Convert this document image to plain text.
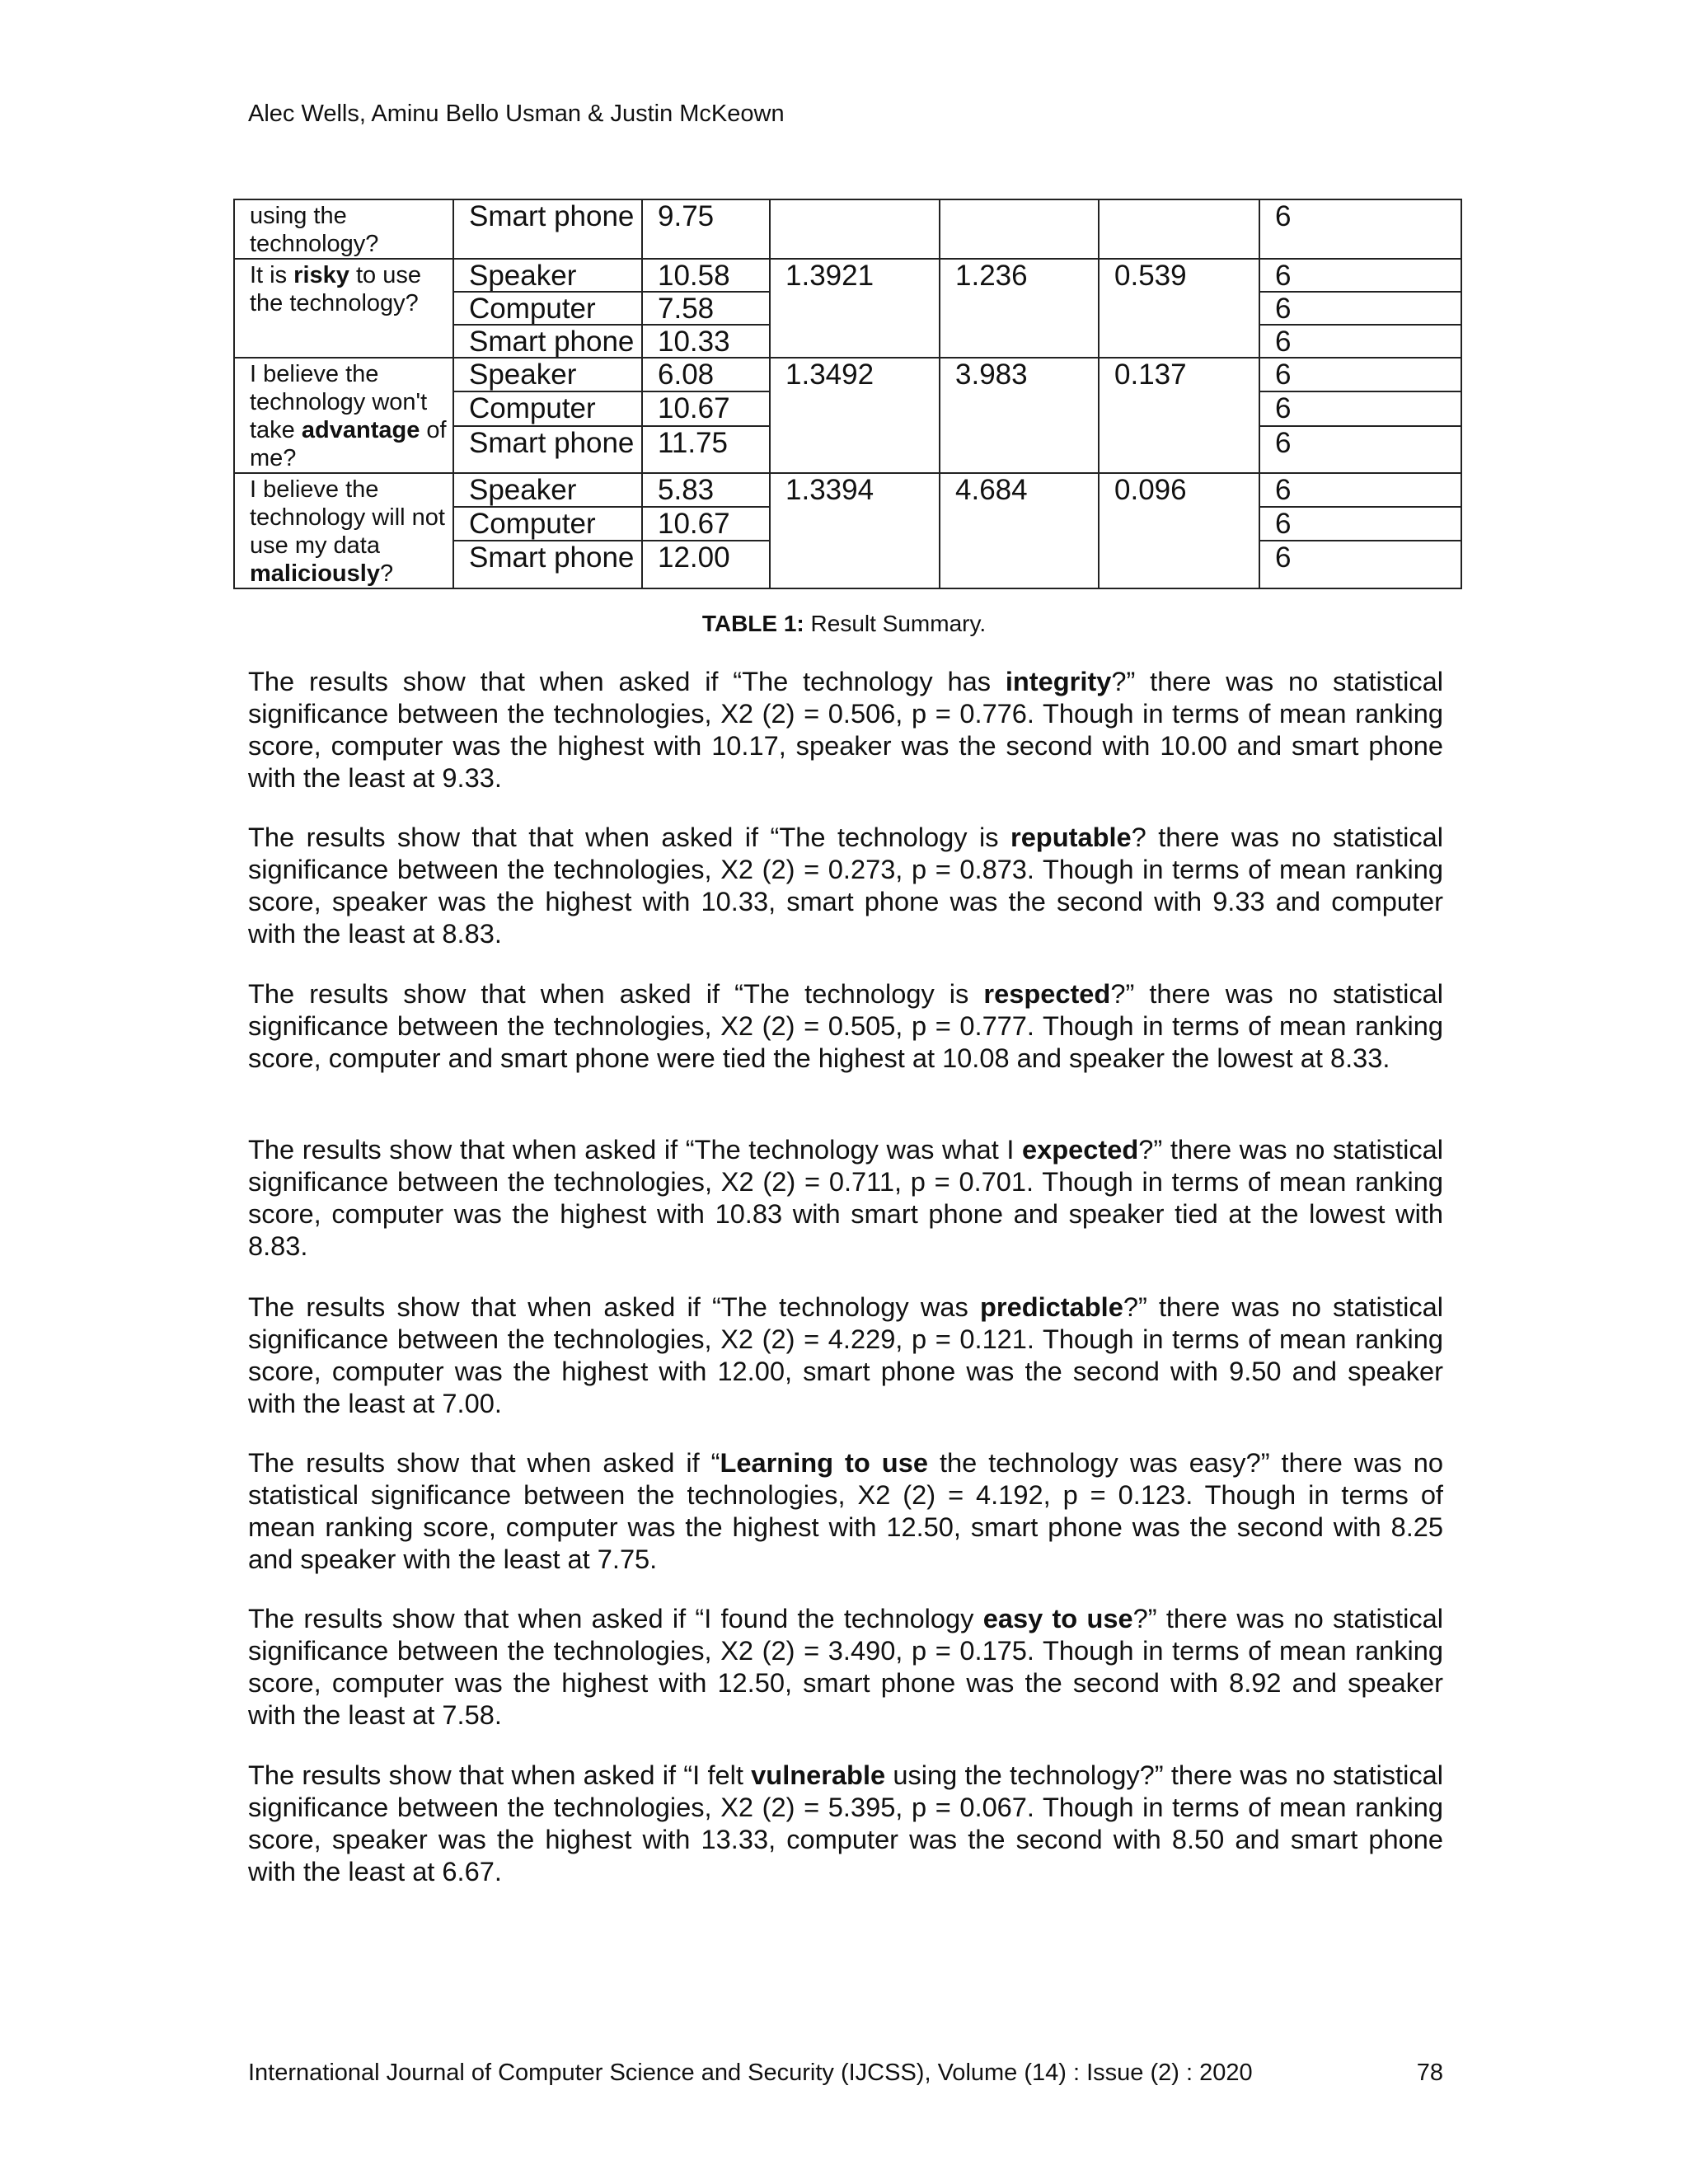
Alec Wells, Aminu Bello Usman & Justin McKeown
using the technology?	Smart phone	9.75				6
It is risky to use the technology?	Speaker	10.58	1.3921	1.236	0.539	6
	Computer	7.58				6
	Smart phone	10.33				6
I believe the technology won't take advantage of me?	Speaker	6.08	1.3492	3.983	0.137	6
	Computer	10.67				6
	Smart phone	11.75				6
I believe the technology will not use my data maliciously?	Speaker	5.83	1.3394	4.684	0.096	6
	Computer	10.67				6
	Smart phone	12.00				6
TABLE 1: Result Summary.
The results show that when asked if “The technology has integrity?” there was no statistical significance between the technologies, X2 (2) = 0.506, p = 0.776. Though in terms of mean ranking score, computer was the highest with 10.17, speaker was the second with 10.00 and smart phone with the least at 9.33.
The results show that that when asked if “The technology is reputable? there was no statistical significance between the technologies, X2 (2) = 0.273, p = 0.873. Though in terms of mean ranking score, speaker was the highest with 10.33, smart phone was the second with 9.33 and computer with the least at 8.83.
The results show that when asked if “The technology is respected?” there was no statistical significance between the technologies, X2 (2) = 0.505, p = 0.777. Though in terms of mean ranking score, computer and smart phone were tied the highest at 10.08 and speaker the lowest at 8.33.
The results show that when asked if “The technology was what I expected?” there was no statistical significance between the technologies, X2 (2) = 0.711, p = 0.701. Though in terms of mean ranking score, computer was the highest with 10.83 with smart phone and speaker tied at the lowest with 8.83.
The results show that when asked if “The technology was predictable?” there was no statistical significance between the technologies, X2 (2) = 4.229, p = 0.121. Though in terms of mean ranking score, computer was the highest with 12.00, smart phone was the second with 9.50 and speaker with the least at 7.00.
The results show that when asked if “Learning to use the technology was easy?” there was no statistical significance between the technologies, X2 (2) = 4.192, p = 0.123. Though in terms of mean ranking score, computer was the highest with 12.50, smart phone was the second with 8.25 and speaker with the least at 7.75.
The results show that when asked if “I found the technology easy to use?” there was no statistical significance between the technologies, X2 (2) = 3.490, p = 0.175. Though in terms of mean ranking score, computer was the highest with 12.50, smart phone was the second with 8.92 and speaker with the least at 7.58.
The results show that when asked if “I felt vulnerable using the technology?” there was no statistical significance between the technologies, X2 (2) = 5.395, p = 0.067. Though in terms of mean ranking score, speaker was the highest with 13.33, computer was the second with 8.50 and smart phone with the least at 6.67.
International Journal of Computer Science and Security (IJCSS), Volume (14) : Issue (2) : 2020	78
